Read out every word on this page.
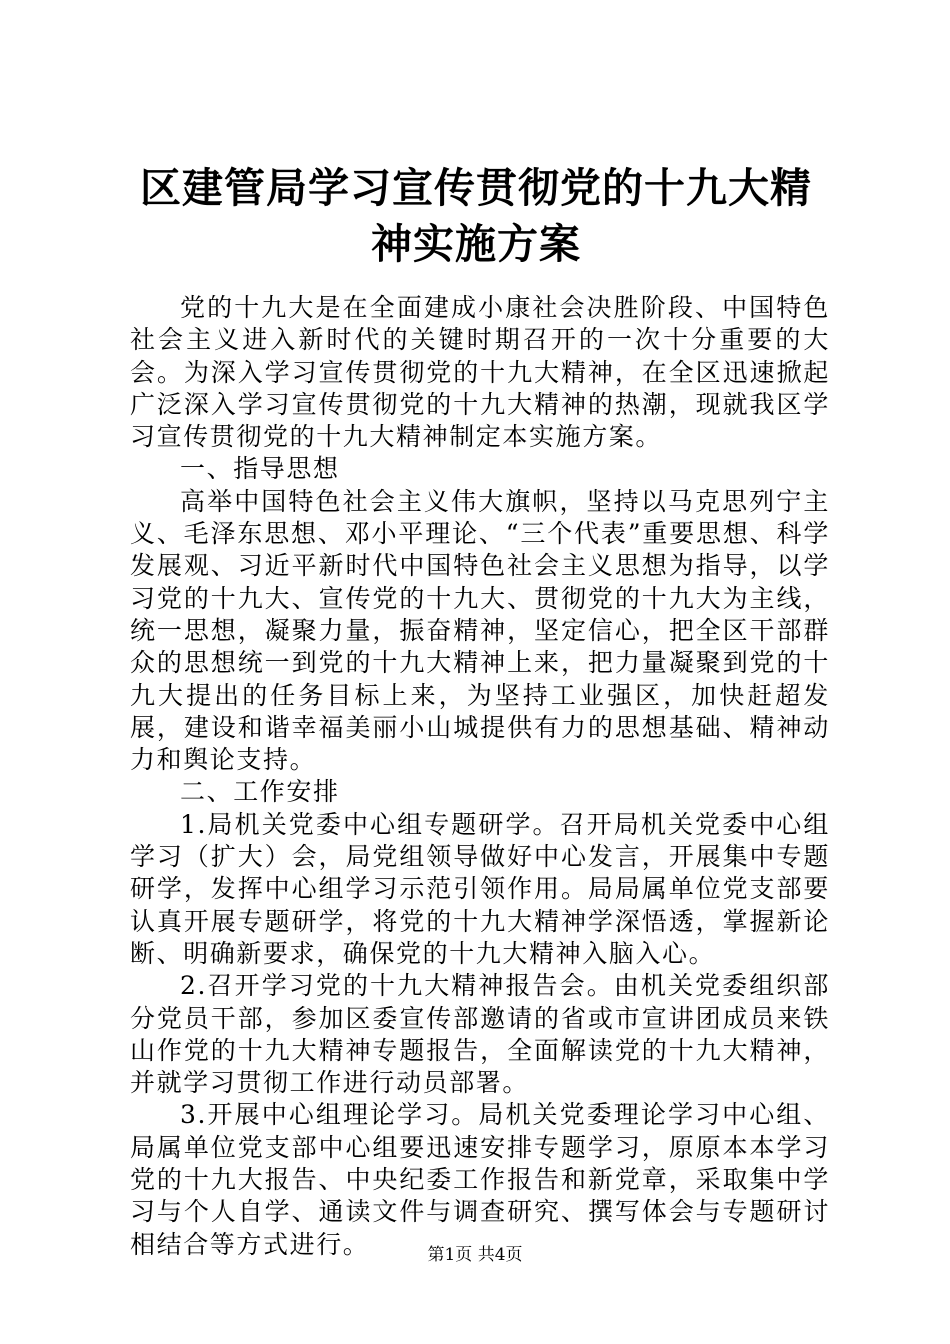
区建管局学习宣传贯彻党的十九大精神实施方案

党的十九大是在全面建成小康社会决胜阶段、中国特色社会主义进入新时代的关键时期召开的一次十分重要的大会。为深入学习宣传贯彻党的十九大精神，在全区迅速掀起广泛深入学习宣传贯彻党的十九大精神的热潮，现就我区学习宣传贯彻党的十九大精神制定本实施方案。

一、指导思想

高举中国特色社会主义伟大旗帜，坚持以马克思列宁主义、毛泽东思想、邓小平理论、“三个代表”重要思想、科学发展观、习近平新时代中国特色社会主义思想为指导，以学习党的十九大、宣传党的十九大、贯彻党的十九大为主线，统一思想，凝聚力量，振奋精神，坚定信心，把全区干部群众的思想统一到党的十九大精神上来，把力量凝聚到党的十九大提出的任务目标上来，为坚持工业强区，加快赶超发展，建设和谐幸福美丽小山城提供有力的思想基础、精神动力和舆论支持。

二、工作安排

1.局机关党委中心组专题研学。召开局机关党委中心组学习（扩大）会，局党组领导做好中心发言，开展集中专题研学，发挥中心组学习示范引领作用。局局属单位党支部要认真开展专题研学，将党的十九大精神学深悟透，掌握新论断、明确新要求，确保党的十九大精神入脑入心。

2.召开学习党的十九大精神报告会。由机关党委组织部分党员干部，参加区委宣传部邀请的省或市宣讲团成员来铁山作党的十九大精神专题报告，全面解读党的十九大精神，并就学习贯彻工作进行动员部署。

3.开展中心组理论学习。局机关党委理论学习中心组、局属单位党支部中心组要迅速安排专题学习，原原本本学习党的十九大报告、中央纪委工作报告和新党章，采取集中学习与个人自学、通读文件与调查研究、撰写体会与专题研讨相结合等方式进行。	第1页 共4页
